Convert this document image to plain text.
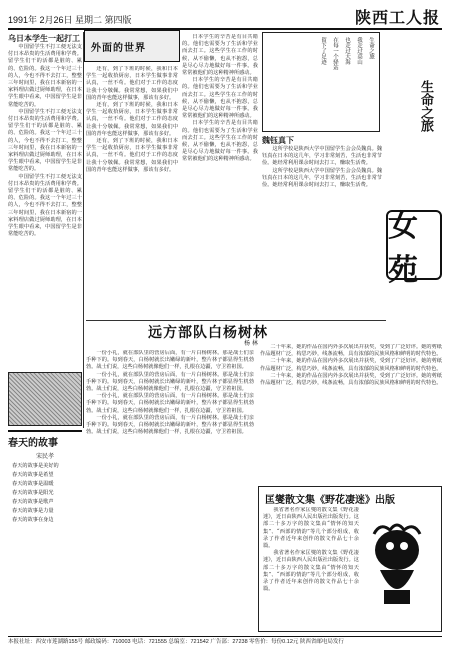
1991年 2月26日 星期二 第四版	陕西工人报
乌日本学生一起打工

中国留学生不打工便无法支付日本昂贵的生活费用和学费。留学生们干的活都是脏的、累的、危险的。我这一个年过三十的人，今也不得不去打工，整整三年时间里，我在日本新宿的一家料理店做过厨师助理，在日本学生眼中看来，中国留学生是非常能吃苦的。

中国留学生不打工便无法支付日本昂贵的生活费用和学费。留学生们干的活都是脏的、累的、危险的。我这一个年过三十的人，今也不得不去打工，整整三年时间里，我在日本新宿的一家料理店做过厨师助理，在日本学生眼中看来，中国留学生是非常能吃苦的。

中国留学生不打工便无法支付日本昂贵的生活费用和学费。留学生们干的活都是脏的、累的、危险的。我这一个年过三十的人，今也不得不去打工，整整三年时间里，我在日本新宿的一家料理店做过厨师助理，在日本学生眼中看来，中国留学生是非常能吃苦的。

外面的世界

还有，到了下班的时候，我和日本学生一起收拾厨房，日本学生做事非常认真，一丝不苟。他们对于工作的态度让我十分敬佩。我常常想，如果我们中国的青年也能这样做事，那该有多好。

还有，到了下班的时候，我和日本学生一起收拾厨房，日本学生做事非常认真，一丝不苟。他们对于工作的态度让我十分敬佩。我常常想，如果我们中国的青年也能这样做事，那该有多好。

还有，到了下班的时候，我和日本学生一起收拾厨房，日本学生做事非常认真，一丝不苟。他们对于工作的态度让我十分敬佩。我常常想，如果我们中国的青年也能这样做事，那该有多好。

日本学生的辛苦是有目共睹的。他们也需要为了生活和学业而去打工。这些学生在工作的时候，从不偷懒，也从不抱怨，总是尽心尽力地做好每一件事。我常常被他们的这种精神所感动。

日本学生的辛苦是有目共睹的。他们也需要为了生活和学业而去打工。这些学生在工作的时候，从不偷懒，也从不抱怨，总是尽心尽力地做好每一件事。我常常被他们的这种精神所感动。

日本学生的辛苦是有目共睹的。他们也需要为了生活和学业而去打工。这些学生在工作的时候，从不偷懒，也从不抱怨，总是尽心尽力地做好每一件事。我常常被他们的这种精神所感动。

生命之旅
我走过高山
也走过大海
在每一个驿站
留下了足迹
魏钰真下

这所学校是陕西大学中国留学生会会员魏真。魏钰真在日本的这几年，学习非常刻苦，生活也非常节俭。她经常利用课余时间去打工，赚取生活费。

这所学校是陕西大学中国留学生会会员魏真。魏钰真在日本的这几年，学习非常刻苦，生活也非常节俭。她经常利用课余时间去打工，赚取生活费。

生命之旅
女苑
春天的故事
宋民孝
春天的故事是美好的
春天的故事是希望
春天的故事是温暖
春天的故事是阳光
春天的故事是歌声
春天的故事是力量
春天的故事在身边
远方部队白杨树林
杨 林

一份小礼，就在部队里的营房后面，有一片白杨树林。那是战士们亲手种下的。每到春天，白杨树就长出嫩绿的新叶，整片林子都显得生机勃勃。战士们说，这些白杨树就像他们一样，扎根在边疆，守卫着祖国。

一份小礼，就在部队里的营房后面，有一片白杨树林。那是战士们亲手种下的。每到春天，白杨树就长出嫩绿的新叶，整片林子都显得生机勃勃。战士们说，这些白杨树就像他们一样，扎根在边疆，守卫着祖国。

一份小礼，就在部队里的营房后面，有一片白杨树林。那是战士们亲手种下的。每到春天，白杨树就长出嫩绿的新叶，整片林子都显得生机勃勃。战士们说，这些白杨树就像他们一样，扎根在边疆，守卫着祖国。

一份小礼，就在部队里的营房后面，有一片白杨树林。那是战士们亲手种下的。每到春天，白杨树就长出嫩绿的新叶，整片林子都显得生机勃勃。战士们说，这些白杨树就像他们一样，扎根在边疆，守卫着祖国。

二十年来，她的作品在国内外多次展出并获奖，受到了广泛好评。她的剪纸作品题材广泛，构思巧妙，线条流畅，具有浓郁的民族风格和鲜明的时代特色。

二十年来，她的作品在国内外多次展出并获奖，受到了广泛好评。她的剪纸作品题材广泛，构思巧妙，线条流畅，具有浓郁的民族风格和鲜明的时代特色。

二十年来，她的作品在国内外多次展出并获奖，受到了广泛好评。她的剪纸作品题材广泛，构思巧妙，线条流畅，具有浓郁的民族风格和鲜明的时代特色。

匡燮散文集《野花凄迷》出版

我省著名作家匡燮的散文集《野花凄迷》，近日由陕西人民出版社出版发行。这部二十多万字的散文集由“情怀的知天集”、“西部的情韵”等几个部分组成，收录了作者近年来创作的散文作品七十余篇。

我省著名作家匡燮的散文集《野花凄迷》，近日由陕西人民出版社出版发行。这部二十多万字的散文集由“情怀的知天集”、“西部的情韵”等几个部分组成，收录了作者近年来创作的散文作品七十余篇。

本报社址：西安市莲湖路155号 邮政编码：710003 电话：721555 总编室：721542 广告部：27238 零售价：每份0.12元 陕西省邮电局发行
